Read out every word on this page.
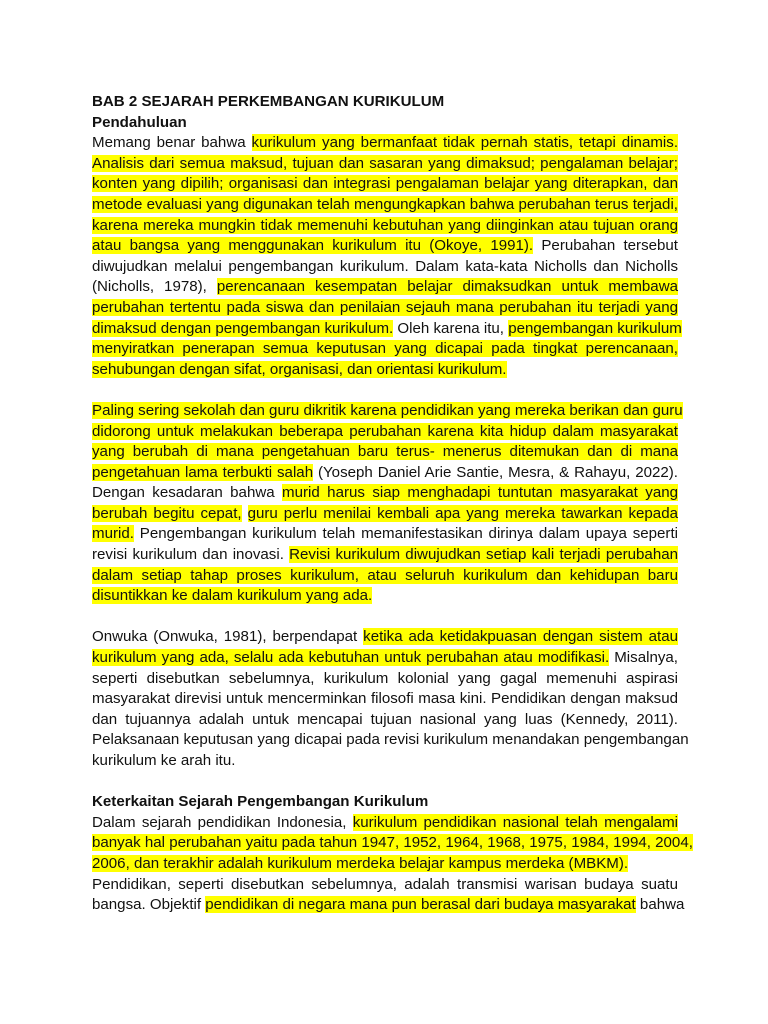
BAB 2 SEJARAH PERKEMBANGAN KURIKULUM
Pendahuluan
Memang benar bahwa kurikulum yang bermanfaat tidak pernah statis, tetapi dinamis.
Analisis dari semua maksud, tujuan dan sasaran yang dimaksud; pengalaman belajar;
konten yang dipilih; organisasi dan integrasi pengalaman belajar yang diterapkan, dan
metode evaluasi yang digunakan telah mengungkapkan bahwa perubahan terus terjadi,
karena mereka mungkin tidak memenuhi kebutuhan yang diinginkan atau tujuan orang
atau bangsa yang menggunakan kurikulum itu (Okoye, 1991). Perubahan tersebut
diwujudkan melalui pengembangan kurikulum. Dalam kata-kata Nicholls dan Nicholls
(Nicholls, 1978), perencanaan kesempatan belajar dimaksudkan untuk membawa
perubahan tertentu pada siswa dan penilaian sejauh mana perubahan itu terjadi yang
dimaksud dengan pengembangan kurikulum. Oleh karena itu, pengembangan kurikulum
menyiratkan penerapan semua keputusan yang dicapai pada tingkat perencanaan,
sehubungan dengan sifat, organisasi, dan orientasi kurikulum.
Paling sering sekolah dan guru dikritik karena pendidikan yang mereka berikan dan guru
didorong untuk melakukan beberapa perubahan karena kita hidup dalam masyarakat
yang berubah di mana pengetahuan baru terus- menerus ditemukan dan di mana
pengetahuan lama terbukti salah (Yoseph Daniel Arie Santie, Mesra, & Rahayu, 2022).
Dengan kesadaran bahwa murid harus siap menghadapi tuntutan masyarakat yang
berubah begitu cepat, guru perlu menilai kembali apa yang mereka tawarkan kepada
murid. Pengembangan kurikulum telah memanifestasikan dirinya dalam upaya seperti
revisi kurikulum dan inovasi. Revisi kurikulum diwujudkan setiap kali terjadi perubahan
dalam setiap tahap proses kurikulum, atau seluruh kurikulum dan kehidupan baru
disuntikkan ke dalam kurikulum yang ada.
Onwuka (Onwuka, 1981), berpendapat ketika ada ketidakpuasan dengan sistem atau
kurikulum yang ada, selalu ada kebutuhan untuk perubahan atau modifikasi. Misalnya,
seperti disebutkan sebelumnya, kurikulum kolonial yang gagal memenuhi aspirasi
masyarakat direvisi untuk mencerminkan filosofi masa kini. Pendidikan dengan maksud
dan tujuannya adalah untuk mencapai tujuan nasional yang luas (Kennedy, 2011).
Pelaksanaan keputusan yang dicapai pada revisi kurikulum menandakan pengembangan
kurikulum ke arah itu.
Keterkaitan Sejarah Pengembangan Kurikulum
Dalam sejarah pendidikan Indonesia, kurikulum pendidikan nasional telah mengalami
banyak hal perubahan yaitu pada tahun 1947, 1952, 1964, 1968, 1975, 1984, 1994, 2004,
2006, dan terakhir adalah kurikulum merdeka belajar kampus merdeka (MBKM).
Pendidikan, seperti disebutkan sebelumnya, adalah transmisi warisan budaya suatu
bangsa. Objektif pendidikan di negara mana pun berasal dari budaya masyarakat bahwa
